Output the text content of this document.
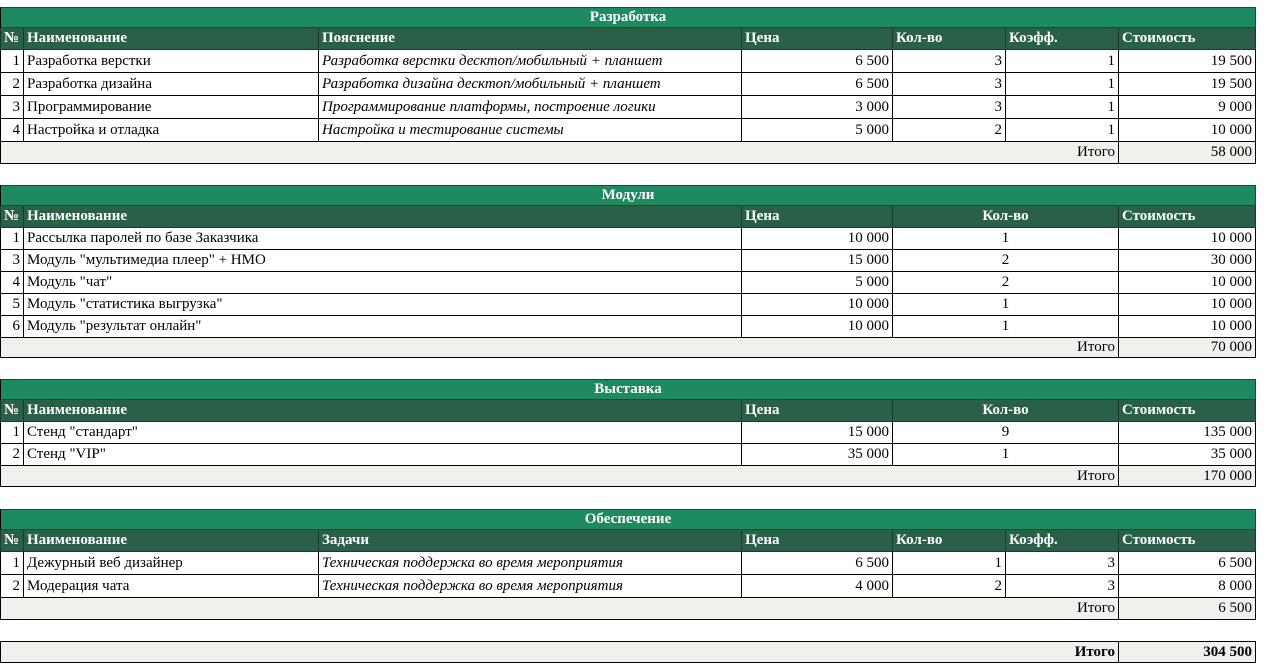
Разработка
№ Наименование	Пояснение	Цена	Кол-во	Коэфф.	Стоимость
1 Разработка верстки	Разработка верстки десктоп/мобильный + планшет	6 500	3	1	19 500
2 Разработка дизайна	Разработка дизайна десктоп/мобильный + планшет	6 500	3	1	19 500
3 Программирование	Программирование платформы, построение логики	3 000	3	1	9 000
4 Настройка и отладка	Настройка и тестирование системы	5 000	2	1	10 000
Итого	58 000
Модули
№ Наименование	Цена	Кол-во	Стоимость
1 Рассылка паролей по базе Заказчика	10 000	1	10 000
3 Модуль "мультимедиа плеер" + НМО	15 000	2	30 000
4 Модуль "чат"	5 000	2	10 000
5 Модуль "статистика выгрузка"	10 000	1	10 000
6 Модуль "результат онлайн"	10 000	1	10 000
Итого	70 000
Выставка
№ Наименование	Цена	Кол-во	Стоимость
1 Стенд "стандарт"	15 000	9	135 000
2 Стенд "VIP"	35 000	1	35 000
Итого	170 000
Обеспечение
№ Наименование	Задачи	Цена	Кол-во	Коэфф.	Стоимость
1 Дежурный веб дизайнер	Техническая поддержка во время мероприятия	6 500	1	3	6 500
2 Модерация чата	Техническая поддержка во время мероприятия	4 000	2	3	8 000
Итого	6 500
Итого	304 500
